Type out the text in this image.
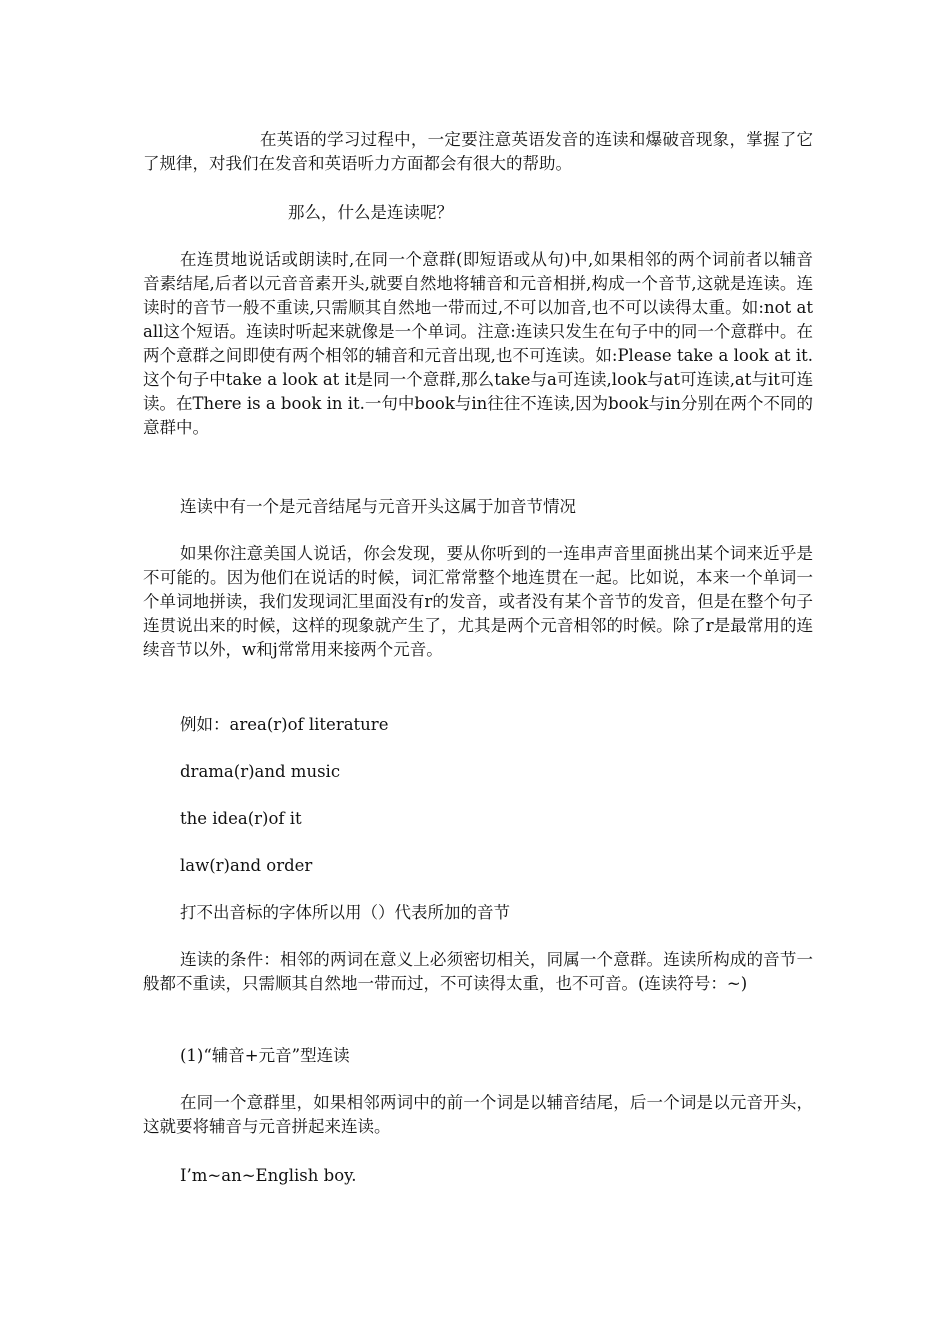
在英语的学习过程中，一定要注意英语发音的连读和爆破音现象，掌握了它了规律，对我们在发音和英语听力方面都会有很大的帮助。

那么，什么是连读呢？

在连贯地说话或朗读时,在同一个意群(即短语或从句)中,如果相邻的两个词前者以辅音音素结尾,后者以元音音素开头,就要自然地将辅音和元音相拼,构成一个音节,这就是连读。连读时的音节一般不重读,只需顺其自然地一带而过,不可以加音,也不可以读得太重。如:not at all这个短语。连读时听起来就像是一个单词。注意:连读只发生在句子中的同一个意群中。在两个意群之间即使有两个相邻的辅音和元音出现,也不可连读。如:Please take a look at it.这个句子中take a look at it是同一个意群,那么take与a可连读,look与at可连读,at与it可连读。在There is a book in it.一句中book与in往往不连读,因为book与in分别在两个不同的意群中。

连读中有一个是元音结尾与元音开头这属于加音节情况

如果你注意美国人说话，你会发现，要从你听到的一连串声音里面挑出某个词来近乎是不可能的。因为他们在说话的时候，词汇常常整个地连贯在一起。比如说，本来一个单词一个单词地拼读，我们发现词汇里面没有r的发音，或者没有某个音节的发音，但是在整个句子连贯说出来的时候，这样的现象就产生了，尤其是两个元音相邻的时候。除了r是最常用的连续音节以外，w和j常常用来接两个元音。

例如：area(r)of literature

drama(r)and music

the idea(r)of it

law(r)and order

打不出音标的字体所以用（）代表所加的音节

连读的条件：相邻的两词在意义上必须密切相关，同属一个意群。连读所构成的音节一般都不重读，只需顺其自然地一带而过，不可读得太重，也不可音。(连读符号：~)

(1)“辅音+元音”型连读

在同一个意群里，如果相邻两词中的前一个词是以辅音结尾，后一个词是以元音开头，这就要将辅音与元音拼起来连读。

I’m~an~English boy.
